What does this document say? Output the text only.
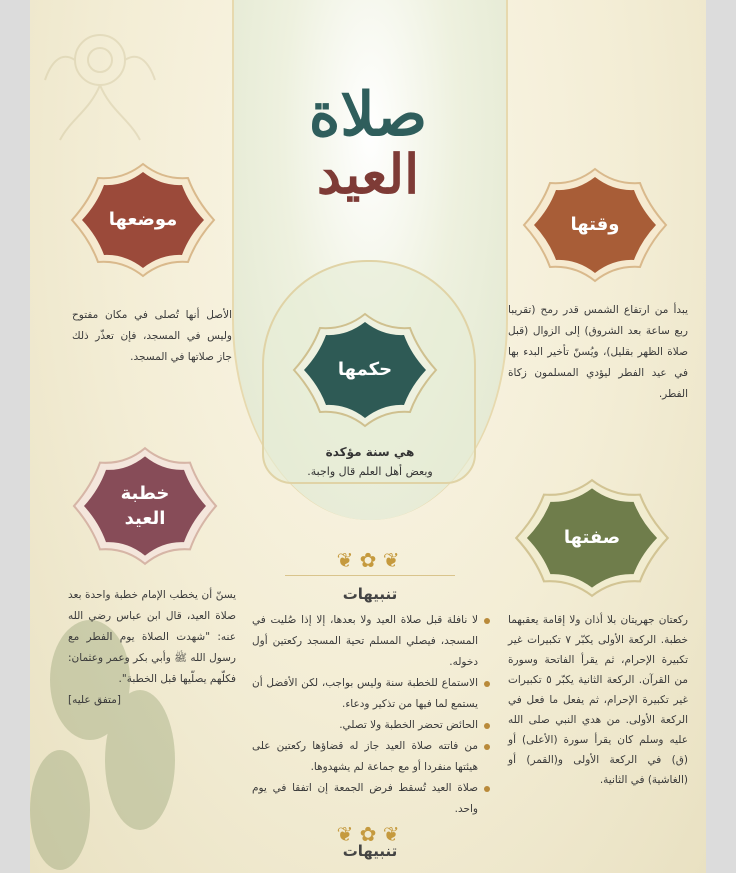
صلاة
العيد
وقتها
موضعها
حكمها
صفتها
خطبة العيد
يبدأ من ارتفاع الشمس قدر رمح (تقريبا ربع ساعة بعد الشروق) إلى الزوال (قبل صلاة الظهر بقليل)، ويُسنّ تأخير البدء بها في عيد الفطر ليؤدي المسلمون زكاة الفطر.
الأصل أنها تُصلى في مكان مفتوح وليس في المسجد، فإن تعذّر ذلك جاز صلاتها في المسجد.
هي سنة مؤكدة
وبعض أهل العلم قال واجبة.
يسنّ أن يخطب الإمام خطبة واحدة بعد صلاة العيد، قال ابن عباس رضي الله عنه: "شهدت الصلاة يوم الفطر مع رسول الله ﷺ وأبي بكر وعمر وعثمان: فكلّهم يصلّيها قبل الخطبة".
[متفق عليه]
ركعتان جهريتان بلا أذان ولا إقامة يعقبهما خطبة. الركعة الأولى يكبّر ٧ تكبيرات غير تكبيرة الإحرام، ثم يقرأ الفاتحة وسورة من القرآن. الركعة الثانية يكبّر ٥ تكبيرات غير تكبيرة الإحرام، ثم يفعل ما فعل في الركعة الأولى. من هدي النبي صلى الله عليه وسلم كان يقرأ سورة (الأعلى) أو (ق) في الركعة الأولى و(القمر) أو (الغاشية) في الثانية.
❦ ✿ ❦
تنبيهات
لا نافلة قبل صلاة العيد ولا بعدها، إلا إذا صُليت في المسجد، فيصلي المسلم تحية المسجد ركعتين أول دخوله.
الاستماع للخطبة سنة وليس بواجب، لكن الأفضل أن يستمع لما فيها من تذكير ودعاء.
الحائض تحضر الخطبة ولا تصلي.
من فاتته صلاة العيد جاز له قضاؤها ركعتين على هيئتها منفردا أو مع جماعة لم يشهدوها.
صلاة العيد تُسقط فرض الجمعة إن اتفقا في يوم واحد.
❦ ✿ ❦
تنبيهات
